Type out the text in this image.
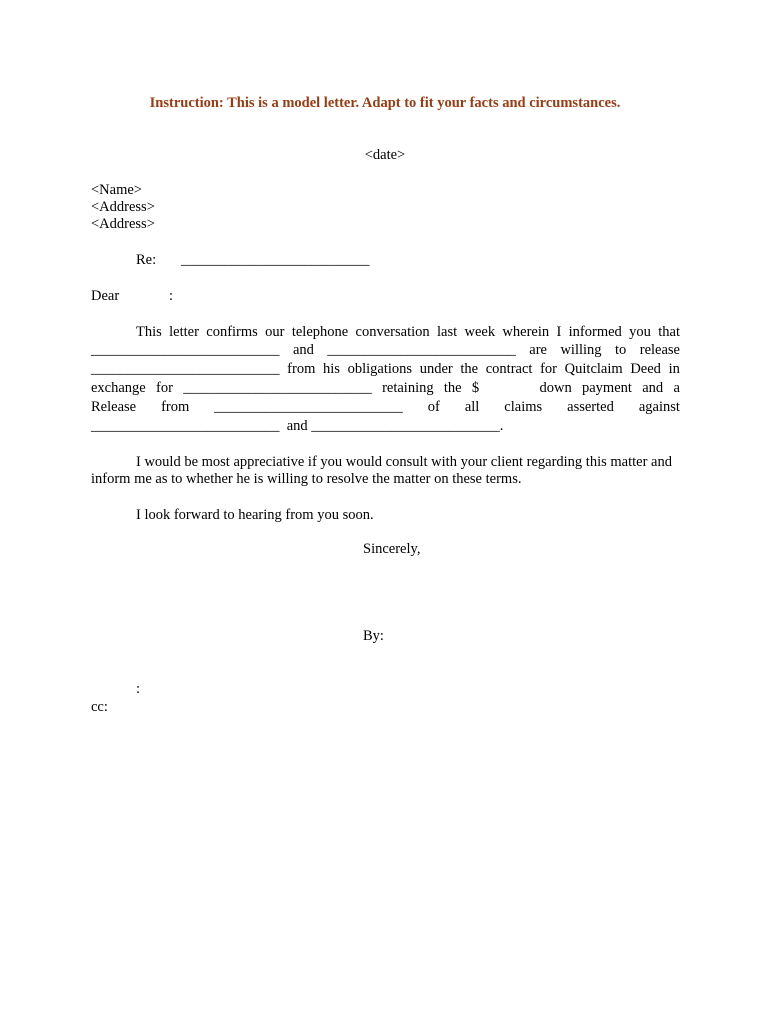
Instruction: This is a model letter. Adapt to fit your facts and circumstances.
<date>
<Name>
<Address>
<Address>
Re: __________________________
Dear	:
This letter confirms our telephone conversation last week wherein I informed you that
__________________________ and __________________________ are willing to release
__________________________ from his obligations under the contract for Quitclaim Deed in
exchange for __________________________ retaining the $	down payment and a
Release from __________________________ of all claims asserted against
__________________________  and __________________________.
I would be most appreciative if you would consult with your client regarding this matter and
inform me as to whether he is willing to resolve the matter on these terms.
I look forward to hearing from you soon.
Sincerely,
By:
:
cc:
